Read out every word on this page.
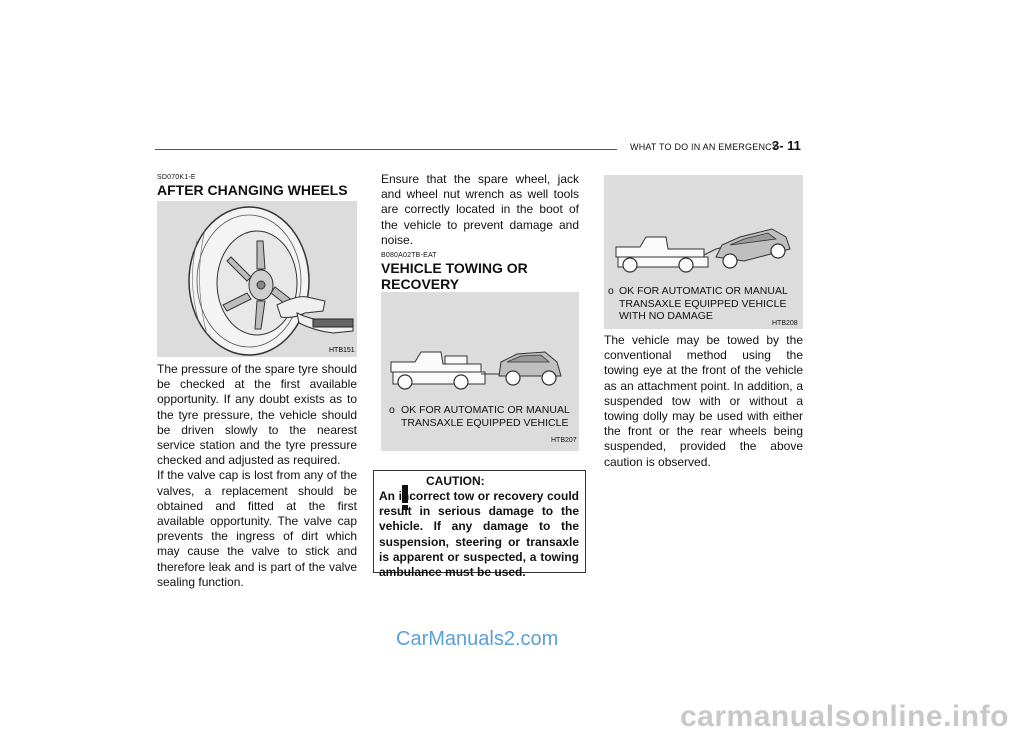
WHAT TO DO IN AN EMERGENCY
3- 11
SD070K1-E
AFTER CHANGING WHEELS
HTB151
The pressure of the spare tyre should be checked at the first available opportunity. If any doubt exists as to the tyre pressure, the vehicle should be driven slowly to the nearest service station and the tyre pressure checked and adjusted as required.
If the valve cap is lost from any of the valves, a replacement should be obtained and fitted at the first available opportunity. The valve cap prevents the ingress of dirt which may cause the valve to stick and therefore leak and is part of the valve sealing function.
Ensure that the spare wheel, jack and wheel nut wrench as well tools are correctly located in the boot of the vehicle to prevent damage and noise.
B080A02TB-EAT
VEHICLE TOWING OR RECOVERY
o OK FOR AUTOMATIC OR MANUAL TRANSAXLE EQUIPPED VEHICLE
HTB207
CAUTION:
An incorrect tow or recovery could result in serious damage to the vehicle. If any damage to the suspension, steering or transaxle is apparent or suspected, a towing ambulance must be used.
o OK FOR AUTOMATIC OR MANUAL TRANSAXLE EQUIPPED VEHICLE WITH NO DAMAGE
HTB208
The vehicle may be towed by the conventional method using the towing eye at the front of the vehicle as an attachment point. In addition, a suspended tow with or without a towing dolly may be used with either the front or the rear wheels being suspended, provided the above caution is observed.
CarManuals2.com
carmanualsonline.info
